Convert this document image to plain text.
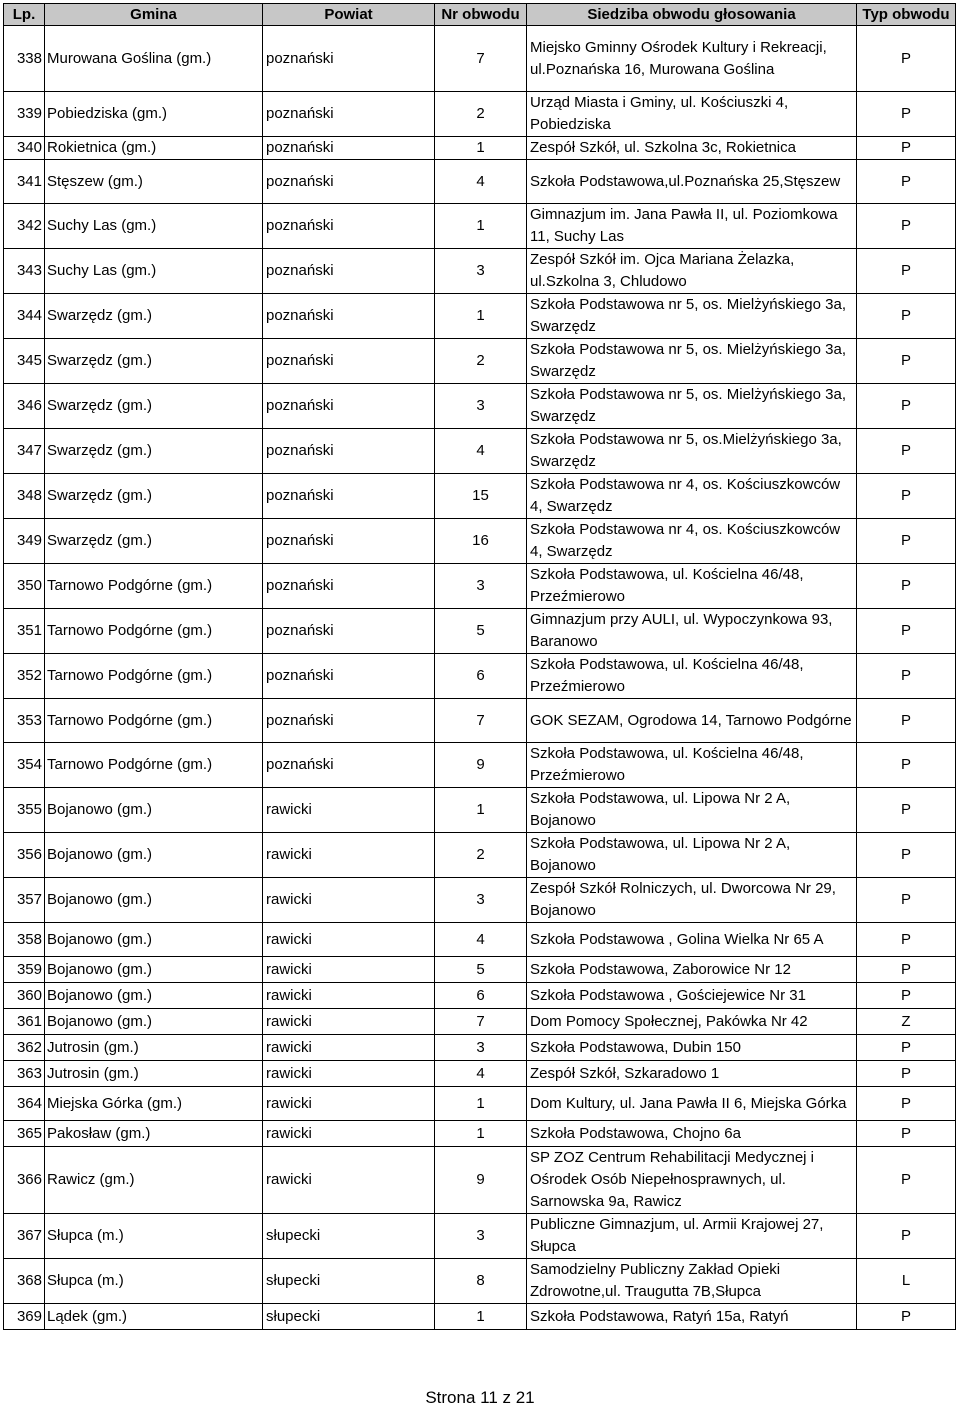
Lp.	Gmina	Powiat	Nr obwodu	Siedziba obwodu głosowania	Typ obwodu
338	Murowana Goślina (gm.)	poznański	7	Miejsko Gminny Ośrodek Kultury i Rekreacji, ul.Poznańska 16, Murowana Goślina	P
339	Pobiedziska (gm.)	poznański	2	Urząd Miasta i Gminy, ul. Kościuszki 4, Pobiedziska	P
340	Rokietnica (gm.)	poznański	1	Zespół Szkół, ul. Szkolna 3c, Rokietnica	P
341	Stęszew (gm.)	poznański	4	Szkoła Podstawowa,ul.Poznańska 25,Stęszew	P
342	Suchy Las (gm.)	poznański	1	Gimnazjum im. Jana Pawła II, ul. Poziomkowa 11, Suchy Las	P
343	Suchy Las (gm.)	poznański	3	Zespół Szkół im. Ojca Mariana Żelazka, ul.Szkolna 3, Chludowo	P
344	Swarzędz (gm.)	poznański	1	Szkoła Podstawowa nr 5, os. Mielżyńskiego 3a, Swarzędz	P
345	Swarzędz (gm.)	poznański	2	Szkoła Podstawowa nr 5, os. Mielżyńskiego 3a, Swarzędz	P
346	Swarzędz (gm.)	poznański	3	Szkoła Podstawowa nr 5, os. Mielżyńskiego 3a, Swarzędz	P
347	Swarzędz (gm.)	poznański	4	Szkoła Podstawowa nr 5, os.Mielżyńskiego 3a, Swarzędz	P
348	Swarzędz (gm.)	poznański	15	Szkoła Podstawowa nr 4, os. Kościuszkowców 4, Swarzędz	P
349	Swarzędz (gm.)	poznański	16	Szkoła Podstawowa nr 4, os. Kościuszkowców 4, Swarzędz	P
350	Tarnowo Podgórne (gm.)	poznański	3	Szkoła Podstawowa, ul. Kościelna 46/48, Przeźmierowo	P
351	Tarnowo Podgórne (gm.)	poznański	5	Gimnazjum przy AULI, ul. Wypoczynkowa 93, Baranowo	P
352	Tarnowo Podgórne (gm.)	poznański	6	Szkoła Podstawowa, ul. Kościelna 46/48, Przeźmierowo	P
353	Tarnowo Podgórne (gm.)	poznański	7	GOK SEZAM, Ogrodowa 14, Tarnowo Podgórne	P
354	Tarnowo Podgórne (gm.)	poznański	9	Szkoła Podstawowa, ul. Kościelna 46/48, Przeźmierowo	P
355	Bojanowo (gm.)	rawicki	1	Szkoła Podstawowa, ul. Lipowa Nr 2 A, Bojanowo	P
356	Bojanowo (gm.)	rawicki	2	Szkoła Podstawowa, ul. Lipowa Nr 2 A, Bojanowo	P
357	Bojanowo (gm.)	rawicki	3	Zespół Szkół Rolniczych, ul. Dworcowa Nr 29, Bojanowo	P
358	Bojanowo (gm.)	rawicki	4	Szkoła Podstawowa , Golina Wielka Nr 65 A	P
359	Bojanowo (gm.)	rawicki	5	Szkoła Podstawowa, Zaborowice Nr 12	P
360	Bojanowo (gm.)	rawicki	6	Szkoła Podstawowa , Gościejewice Nr 31	P
361	Bojanowo (gm.)	rawicki	7	Dom Pomocy Społecznej, Pakówka Nr 42	Z
362	Jutrosin (gm.)	rawicki	3	Szkoła Podstawowa, Dubin 150	P
363	Jutrosin (gm.)	rawicki	4	Zespół Szkół, Szkaradowo 1	P
364	Miejska Górka (gm.)	rawicki	1	Dom Kultury, ul. Jana Pawła II 6, Miejska Górka	P
365	Pakosław (gm.)	rawicki	1	Szkoła Podstawowa, Chojno 6a	P
366	Rawicz (gm.)	rawicki	9	SP ZOZ Centrum Rehabilitacji Medycznej i Ośrodek Osób Niepełnosprawnych, ul. Sarnowska 9a, Rawicz	P
367	Słupca (m.)	słupecki	3	Publiczne Gimnazjum, ul. Armii Krajowej 27, Słupca	P
368	Słupca (m.)	słupecki	8	Samodzielny Publiczny Zakład Opieki Zdrowotne,ul. Traugutta 7B,Słupca	L
369	Lądek (gm.)	słupecki	1	Szkoła Podstawowa, Ratyń 15a, Ratyń	P
Strona 11 z 21
